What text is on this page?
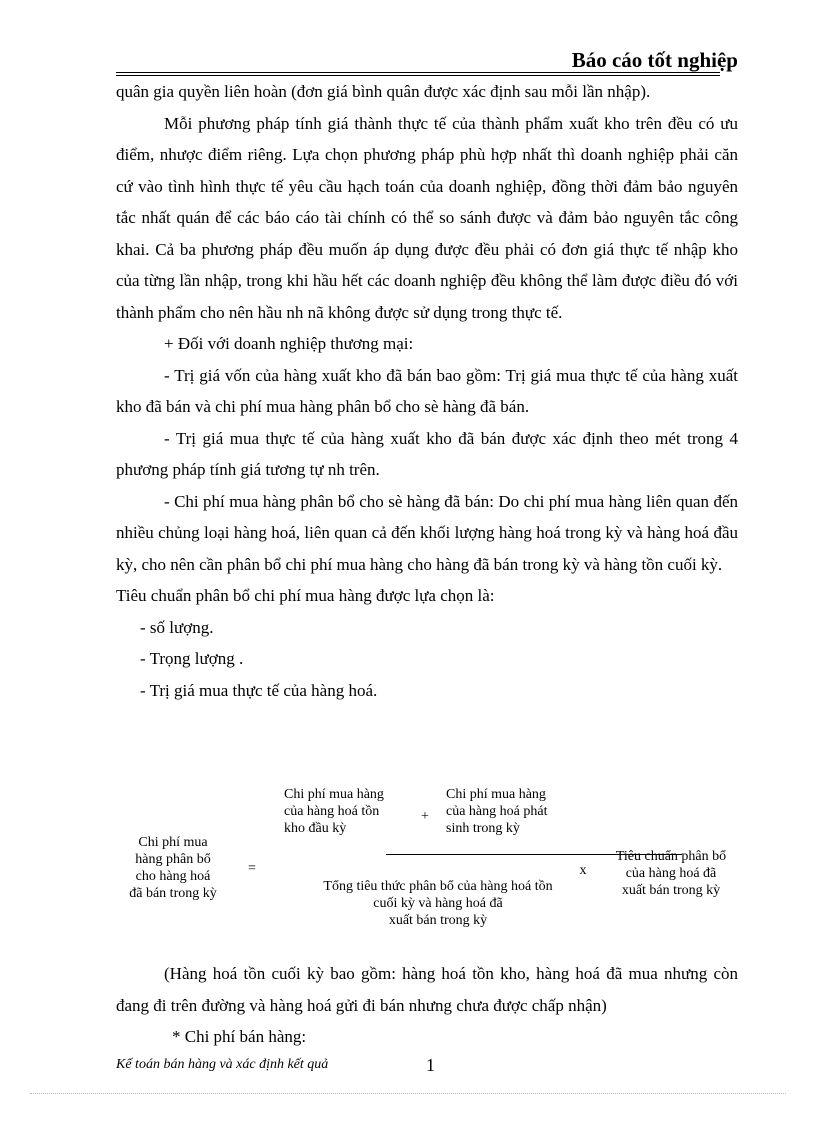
Báo cáo tốt nghiệp

quân gia quyền liên hoàn (đơn giá bình quân được xác định sau mỗi lần nhập).

Mỗi phương pháp tính giá thành thực tế của thành phẩm xuất kho trên đều có ưu điểm, nhược điểm riêng. Lựa chọn phương pháp phù hợp nhất thì doanh nghiệp phải căn cứ vào tình hình thực tế yêu cầu hạch toán của doanh nghiệp, đồng thời đảm bảo nguyên tắc nhất quán để các báo cáo tài chính có thể so sánh được và đảm bảo nguyên tắc công khai. Cả ba phương pháp đều muốn áp dụng được đều phải có đơn giá thực tế nhập kho của từng lần nhập, trong khi hầu hết các doanh nghiệp đều không thể làm được điều đó với thành phẩm cho nên hầu nh nã không được sử dụng trong thực tế.

+ Đối với doanh nghiệp thương mại:

- Trị giá vốn của hàng xuất kho đã bán bao gồm: Trị giá mua thực tế của hàng xuất kho đã bán và chi phí mua hàng phân bổ cho sè hàng đã bán.

- Trị giá mua thực tế của hàng xuất kho đã bán được xác định theo mét trong 4 phương pháp tính giá tương tự nh trên.

- Chi phí mua hàng phân bổ cho sè hàng đã bán: Do chi phí mua hàng liên quan đến nhiều chủng loại hàng hoá, liên quan cả đến khối lượng hàng hoá trong kỳ và hàng hoá đầu kỳ, cho nên cần phân bổ chi phí mua hàng cho hàng đã bán trong kỳ và hàng tồn cuối kỳ.

Tiêu chuẩn phân bổ chi phí mua hàng được lựa chọn là:

- số lượng.

- Trọng lượng .

- Trị giá mua thực tế của hàng hoá.

Chi phí mua
hàng phân bổ
cho hàng hoá
đã bán trong kỳ
=
Chi phí mua hàng
của hàng hoá tồn
kho đầu kỳ
+
Chi phí mua hàng
của hàng hoá phát
sinh trong kỳ
Tổng tiêu thức phân bổ của hàng hoá tồn
cuối kỳ và hàng hoá đã
xuất bán trong kỳ
x
Tiêu chuẩn phân bổ
của hàng hoá đã
xuất bán trong kỳ

(Hàng hoá tồn cuối kỳ bao gồm: hàng hoá tồn kho, hàng hoá đã mua nhưng còn đang đi trên đường và hàng hoá gửi đi bán nhưng chưa được chấp nhận)

* Chi phí bán hàng:

Kế toán bán hàng và xác định kết quả	1
